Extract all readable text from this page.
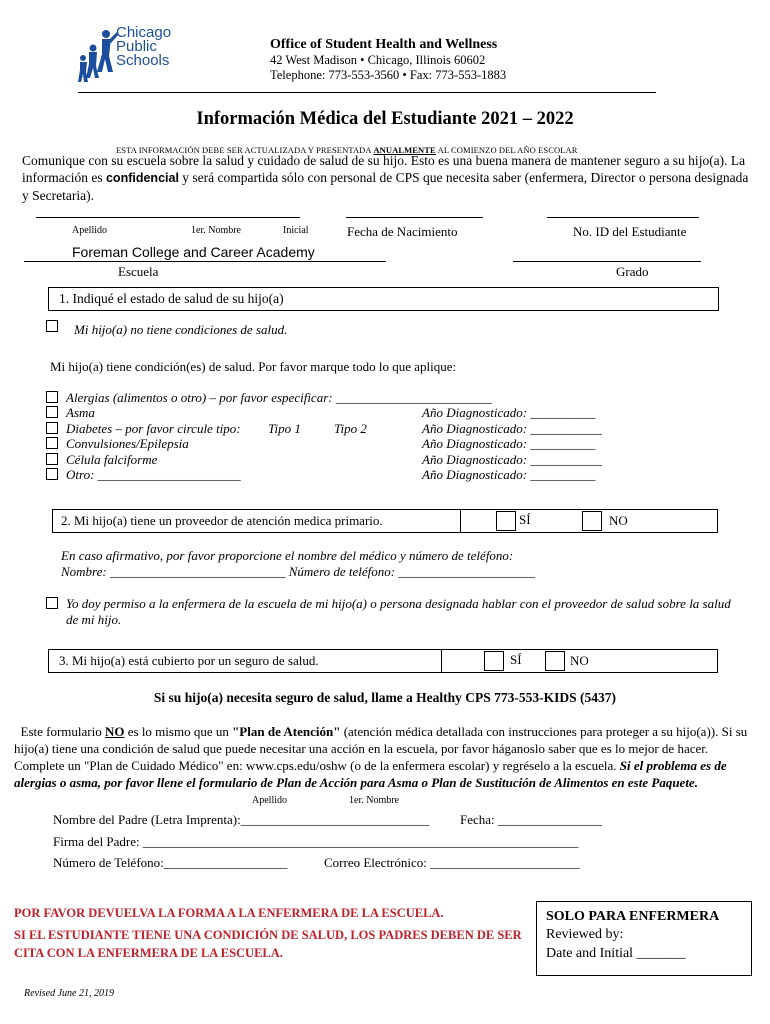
Chicago
Public
Schools
Office of Student Health and Wellness
42 West Madison • Chicago, Illinois 60602
Telephone: 773-553-3560 • Fax: 773-553-1883
Información Médica del Estudiante 2021 – 2022
ESTA INFORMACIÓN DEBE SER ACTUALIZADA Y PRESENTADA ANUALMENTE AL COMIENZO DEL AÑO ESCOLAR
Comunique con su escuela sobre la salud y cuidado de salud de su hijo. Esto es una buena manera de mantener seguro a su hijo(a). La información es confidencial y será compartida sólo con personal de CPS que necesita saber (enfermera, Director o persona designada y Secretaria).
Apellido	1er. Nombre	Inicial	Fecha de Nacimiento	No. ID del Estudiante
Foreman College and Career Academy
Escuela	Grado
1. Indiqué el estado de salud de su hijo(a)
Mi hijo(a) no tiene condiciones de salud.
Mi hijo(a) tiene condición(es) de salud. Por favor marque todo lo que aplique:
Alergias (alimentos o otro) – por favor especificar: ________________________
Asma	Año Diagnosticado: __________
Diabetes – por favor circule tipo: Tipo 1	Tipo 2	Año Diagnosticado: ___________
Convulsiones/Epilepsia	Año Diagnosticado: __________
Célula falciforme	Año Diagnosticado: ___________
Otro: ______________________	Año Diagnosticado: __________
2. Mi hijo(a) tiene un proveedor de atención medica primario.	SÍ	NO
En caso afirmativo, por favor proporcione el nombre del médico y número de teléfono:
Nombre: ___________________________ Número de teléfono: _____________________
Yo doy permiso a la enfermera de la escuela de mi hijo(a) o persona designada hablar con el proveedor de salud sobre la salud de mi hijo.
3. Mi hijo(a) está cubierto por un seguro de salud.	SÍ	NO
Si su hijo(a) necesita seguro de salud, llame a Healthy CPS 773-553-KIDS (5437)
Este formulario NO es lo mismo que un "Plan de Atención" (atención médica detallada con instrucciones para proteger a su hijo(a)). Si su hijo(a) tiene una condición de salud que puede necesitar una acción en la escuela, por favor háganoslo saber que es lo mejor de hacer. Complete un "Plan de Cuidado Médico" en: www.cps.edu/oshw (o de la enfermera escolar) y regréselo a la escuela. Si el problema es de alergias o asma, por favor llene el formulario de Plan de Acción para Asma o Plan de Sustitución de Alimentos en este Paquete.
Apellido	1er. Nombre
Nombre del Padre (Letra Imprenta):_____________________________ Fecha: ________________
Firma del Padre: ___________________________________________________________________
Número de Teléfono:___________________	Correo Electrónico: _______________________
POR FAVOR DEVUELVA LA FORMA A LA ENFERMERA DE LA ESCUELA.
SI EL ESTUDIANTE TIENE UNA CONDICIÓN DE SALUD, LOS PADRES DEBEN DE SER CITA CON LA ENFERMERA DE LA ESCUELA.
SOLO PARA ENFERMERA
Reviewed by:
Date and Initial _______
Revised June 21, 2019
